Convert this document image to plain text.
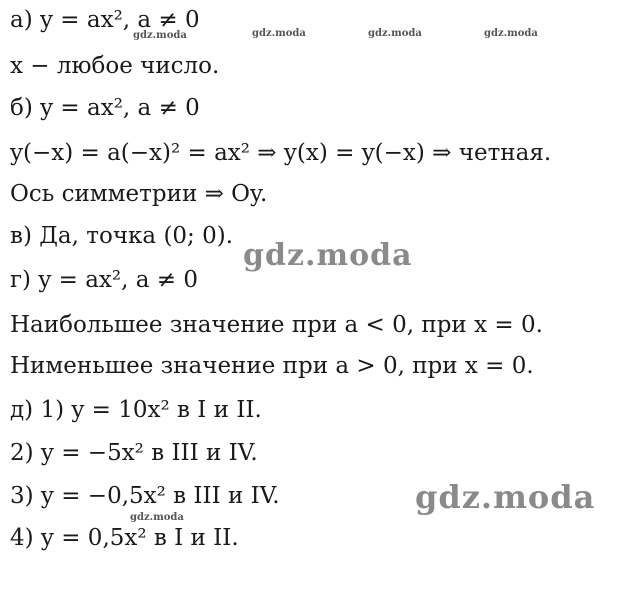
а) y = ax², a ≠ 0
x − любое число.
б) y = ax², a ≠ 0
y(−x) = a(−x)² = ax² ⇒ y(x) = y(−x) ⇒ четная.
Ось симметрии ⇒ Oy.
в) Да, точка (0; 0).
г) y = ax², a ≠ 0
Наибольшее значение при a < 0, при x = 0.
Нименьшее значение при a > 0, при x = 0.
д) 1) y = 10x² в I и II.
2) y = −5x² в III и IV.
3) y = −0,5x² в III и IV.
4) y = 0,5x² в I и II.
gdz.moda	gdz.moda	gdz.moda	gdz.moda
gdz.moda
gdz.moda
gdz.moda
